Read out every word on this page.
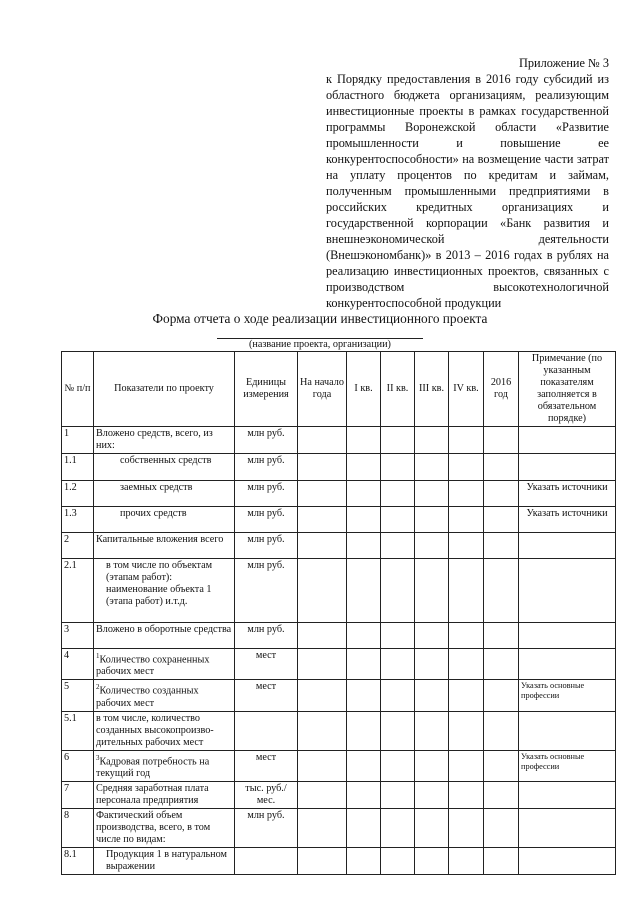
Приложение № 3
к Порядку предоставления в 2016 году субсидий из областного бюджета организациям, реализующим инвестиционные проекты в рамках государственной программы Воронежской области «Развитие промышленности и повышение ее конкурентоспособности» на возмещение части затрат на уплату процентов по кредитам и займам, полученным промышленными предприятиями в российских кредитных организациях и государственной корпорации «Банк развития и внешнеэкономической деятельности (Внешэкономбанк)» в 2013 – 2016 годах в рублях на реализацию инвестиционных проектов, связанных с производством высокотехнологичной конкурентоспособной продукции
Форма отчета о ходе реализации инвестиционного проекта
(название проекта, организации)
№ п/п	Показатели по проекту	Единицы измерения	На начало года	I кв.	II кв.	III кв.	IV кв.	2016 год	Примечание (по указанным показателям заполняется в обязательном порядке)
1	Вложено средств, всего, из них:	млн руб.							
1.1	собственных средств	млн руб.							
1.2	заемных средств	млн руб.							Указать источники
1.3	прочих средств	млн руб.							Указать источники
2	Капитальные вложения всего	млн руб.							
2.1	в том числе по объектам (этапам работ): наименование объекта 1 (этапа работ) и.т.д.	млн руб.							
3	Вложено в оборотные средства	млн руб.							
4	$^1$Количество сохраненных рабочих мест	мест							
5	$^2$Количество созданных рабочих мест	мест							Указать основные профессии
5.1	в том числе, количество созданных высокопроизво-дительных рабочих мест								
6	$^3$Кадровая потребность на текущий год	мест							Указать основные профессии
7	Средняя заработная плата персонала предприятия	тыс. руб./мес.							
8	Фактический объем производства, всего, в том числе по видам:	млн руб.							
8.1	Продукция 1 в натуральном выражении								
